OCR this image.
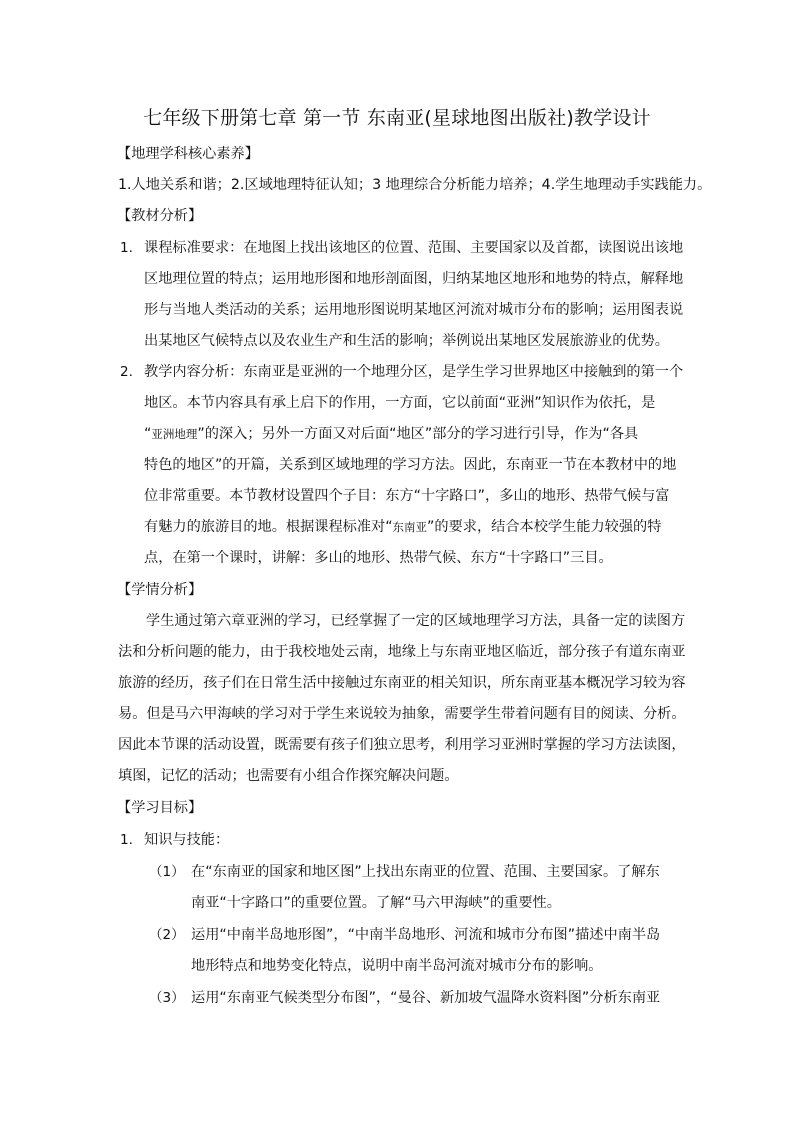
七年级下册第七章 第一节 东南亚(星球地图出版社)教学设计
【地理学科核心素养】
1.人地关系和谐；2.区域地理特征认知；3 地理综合分析能力培养；4.学生地理动手实践能力。
【教材分析】
1. 课程标准要求：在地图上找出该地区的位置、范围、主要国家以及首都，读图说出该地
区地理位置的特点；运用地形图和地形剖面图，归纳某地区地形和地势的特点，解释地
形与当地人类活动的关系；运用地形图说明某地区河流对城市分布的影响；运用图表说
出某地区气候特点以及农业生产和生活的影响；举例说出某地区发展旅游业的优势。
2. 教学内容分析：东南亚是亚洲的一个地理分区，是学生学习世界地区中接触到的第一个
地区。本节内容具有承上启下的作用，一方面，它以前面“亚洲”知识作为依托，是
“亚洲地理”的深入；另外一方面又对后面“地区”部分的学习进行引导，作为“各具
特色的地区”的开篇，关系到区域地理的学习方法。因此，东南亚一节在本教材中的地
位非常重要。本节教材设置四个子目：东方“十字路口”，多山的地形、热带气候与富
有魅力的旅游目的地。根据课程标准对“东南亚”的要求，结合本校学生能力较强的特
点，在第一个课时，讲解：多山的地形、热带气候、东方“十字路口”三目。
【学情分析】
学生通过第六章亚洲的学习，已经掌握了一定的区域地理学习方法，具备一定的读图方
法和分析问题的能力，由于我校地处云南，地缘上与东南亚地区临近，部分孩子有道东南亚
旅游的经历，孩子们在日常生活中接触过东南亚的相关知识，所东南亚基本概况学习较为容
易。但是马六甲海峡的学习对于学生来说较为抽象，需要学生带着问题有目的阅读、分析。
因此本节课的活动设置，既需要有孩子们独立思考，利用学习亚洲时掌握的学习方法读图，
填图，记忆的活动；也需要有小组合作探究解决问题。
【学习目标】
1. 知识与技能：
（1） 在“东南亚的国家和地区图”上找出东南亚的位置、范围、主要国家。了解东
南亚“十字路口”的重要位置。了解“马六甲海峡”的重要性。
（2） 运用“中南半岛地形图”，“中南半岛地形、河流和城市分布图”描述中南半岛
地形特点和地势变化特点，说明中南半岛河流对城市分布的影响。
（3） 运用“东南亚气候类型分布图”，“曼谷、新加坡气温降水资料图”分析东南亚
